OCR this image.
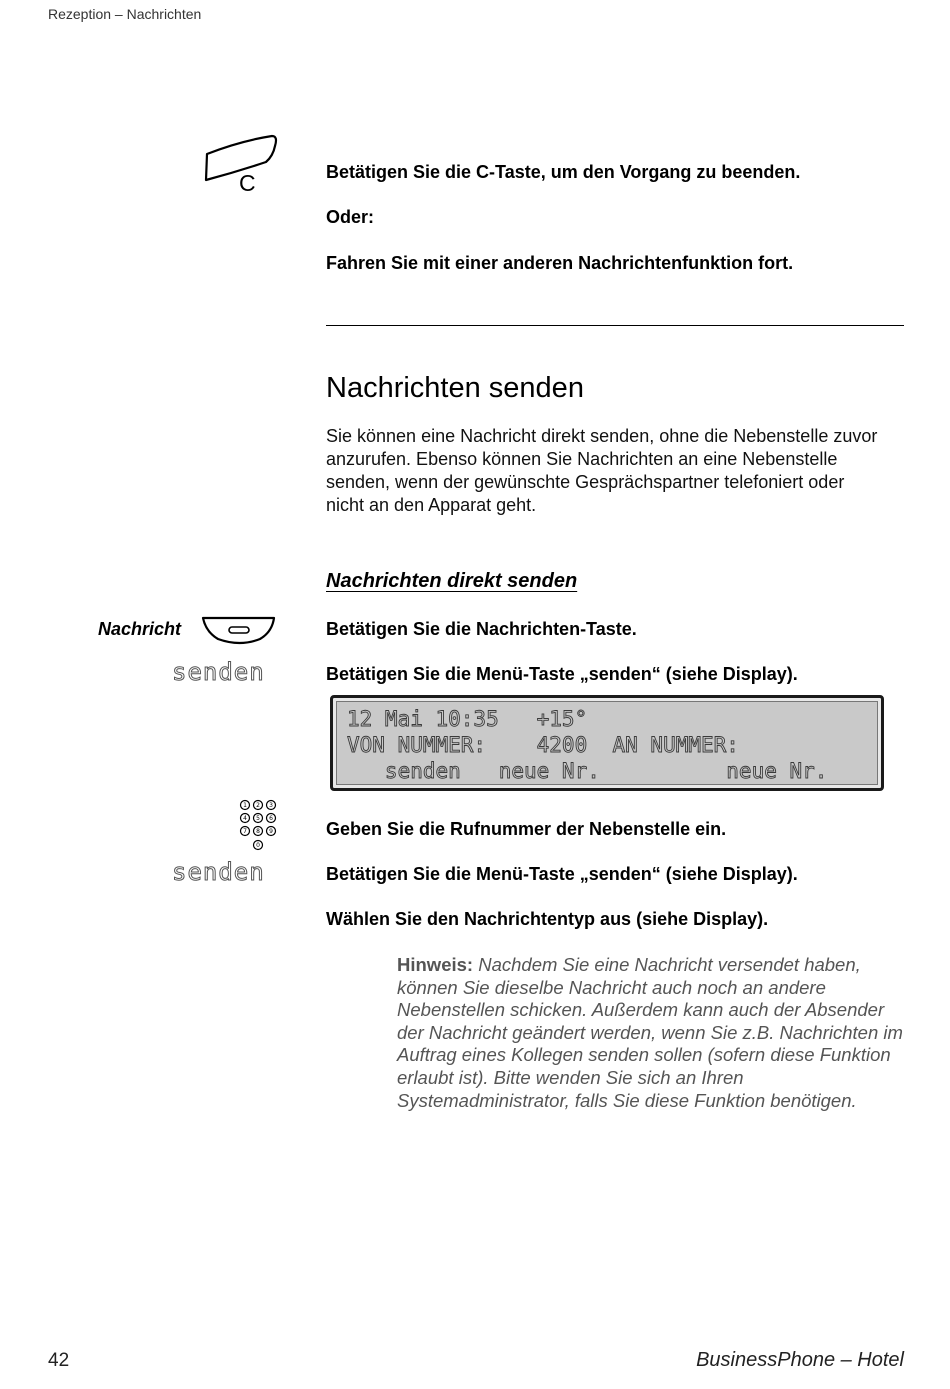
Rezeption – Nachrichten
C	Betätigen Sie die C-Taste, um den Vorgang zu beenden.
Oder:
Fahren Sie mit einer anderen Nachrichtenfunktion fort.
Nachrichten senden

Sie können eine Nachricht direkt senden, ohne die Nebenstelle zuvor anzurufen. Ebenso können Sie Nachrichten an eine Nebenstelle senden, wenn der gewünschte Gesprächspartner telefoniert oder nicht an den Apparat geht.

Nachrichten direkt senden
Nachricht	Betätigen Sie die Nachrichten-Taste.
senden	Betätigen Sie die Menü-Taste „senden“ (siehe Display).
12 Mai 10:35   +15°
VON NUMMER:    4200  AN NUMMER:
senden   neue Nr.          neue Nr.
1 2 3
4 5 6
7 8 9
0
Geben Sie die Rufnummer der Nebenstelle ein.
senden	Betätigen Sie die Menü-Taste „senden“ (siehe Display).
Wählen Sie den Nachrichtentyp aus (siehe Display).

Hinweis: Nachdem Sie eine Nachricht versendet haben, können Sie dieselbe Nachricht auch noch an andere Nebenstellen schicken. Außerdem kann auch der Absender der Nachricht geändert werden, wenn Sie z.B. Nachrichten im Auftrag eines Kollegen senden sollen (sofern diese Funktion erlaubt ist). Bitte wenden Sie sich an Ihren Systemadministrator, falls Sie diese Funktion benötigen.

42	BusinessPhone – Hotel
